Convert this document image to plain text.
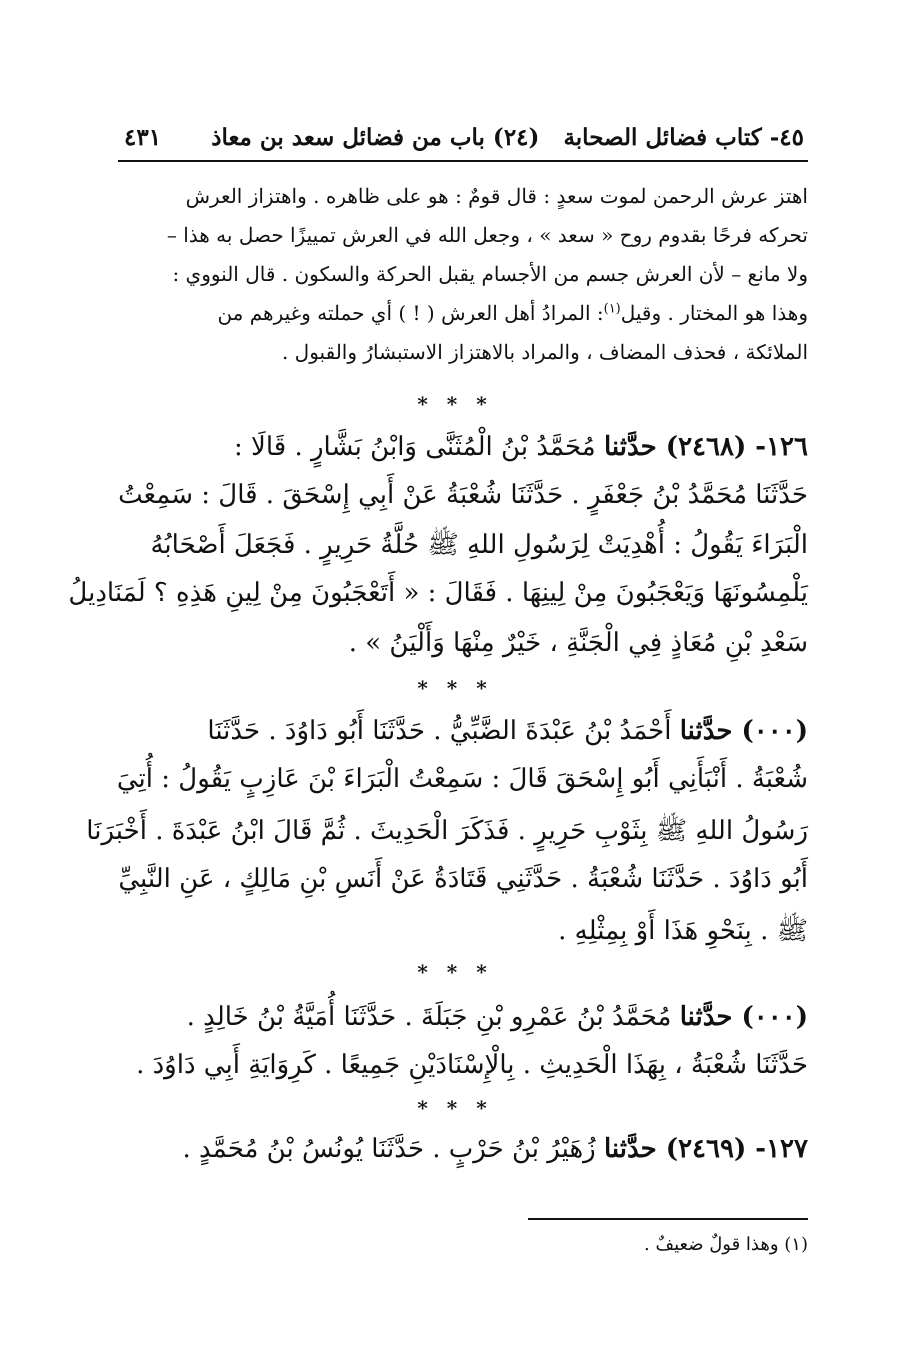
٤٥- كتاب فضائل الصحابة   (٢٤) باب من فضائل سعد بن معاذ
٤٣١
اهتز عرش الرحمن لموت سعدٍ : قال قومٌ : هو على ظاهره . واهتزاز العرش
تحركه فرحًا بقدوم روح « سعد » ، وجعل الله في العرش تمييزًا حصل به هذا –
ولا مانع – لأن العرش جسم من الأجسام يقبل الحركة والسكون . قال النووي :
وهذا هو المختار . وقيل$^{(١)}$: المرادُ أهل العرش ( ! ) أي حملته وغيرهم من
الملائكة ، فحذف المضاف ، والمراد بالاهتزاز الاستبشارُ والقبول .
* * *
١٢٦- (٢٤٦٨) حدَّثنا مُحَمَّدُ بْنُ الْمُثَنَّى وَابْنُ بَشَّارٍ . قَالَا :
حَدَّثَنَا مُحَمَّدُ بْنُ جَعْفَرٍ . حَدَّثَنَا شُعْبَةُ عَنْ أَبِي إِسْحَقَ . قَالَ : سَمِعْتُ
الْبَرَاءَ يَقُولُ : أُهْدِيَتْ لِرَسُولِ اللهِ ﷺ حُلَّةُ حَرِيرٍ . فَجَعَلَ أَصْحَابُهُ
يَلْمِسُونَهَا وَيَعْجَبُونَ مِنْ لِينِهَا . فَقَالَ : « أَتَعْجَبُونَ مِنْ لِينِ هَذِهِ ؟ لَمَنَادِيلُ
سَعْدِ بْنِ مُعَاذٍ فِي الْجَنَّةِ ، خَيْرٌ مِنْهَا وَأَلْيَنُ » .
* * *
(٠٠٠) حدَّثنا أَحْمَدُ بْنُ عَبْدَةَ الضَّبِّيُّ . حَدَّثَنَا أَبُو دَاوُدَ . حَدَّثَنَا
شُعْبَةُ . أَنْبَأَنِي أَبُو إِسْحَقَ قَالَ : سَمِعْتُ الْبَرَاءَ بْنَ عَازِبٍ يَقُولُ : أُتِيَ
رَسُولُ اللهِ ﷺ بِثَوْبِ حَرِيرٍ . فَذَكَرَ الْحَدِيثَ . ثُمَّ قَالَ ابْنُ عَبْدَةَ . أَخْبَرَنَا
أَبُو دَاوُدَ . حَدَّثَنَا شُعْبَةُ . حَدَّثَنِي قَتَادَةُ عَنْ أَنَسِ بْنِ مَالِكٍ ، عَنِ النَّبِيِّ
ﷺ . بِنَحْوِ هَذَا أَوْ بِمِثْلِهِ .
* * *
(٠٠٠) حدَّثنا مُحَمَّدُ بْنُ عَمْرِو بْنِ جَبَلَةَ . حَدَّثَنَا أُمَيَّةُ بْنُ خَالِدٍ .
حَدَّثَنَا شُعْبَةُ ، بِهَذَا الْحَدِيثِ . بِالْإِسْنَادَيْنِ جَمِيعًا . كَرِوَايَةِ أَبِي دَاوُدَ .
* * *
١٢٧- (٢٤٦٩) حدَّثنا زُهَيْرُ بْنُ حَرْبٍ . حَدَّثَنَا يُونُسُ بْنُ مُحَمَّدٍ .
(١) وهذا قولٌ ضعيفٌ .
